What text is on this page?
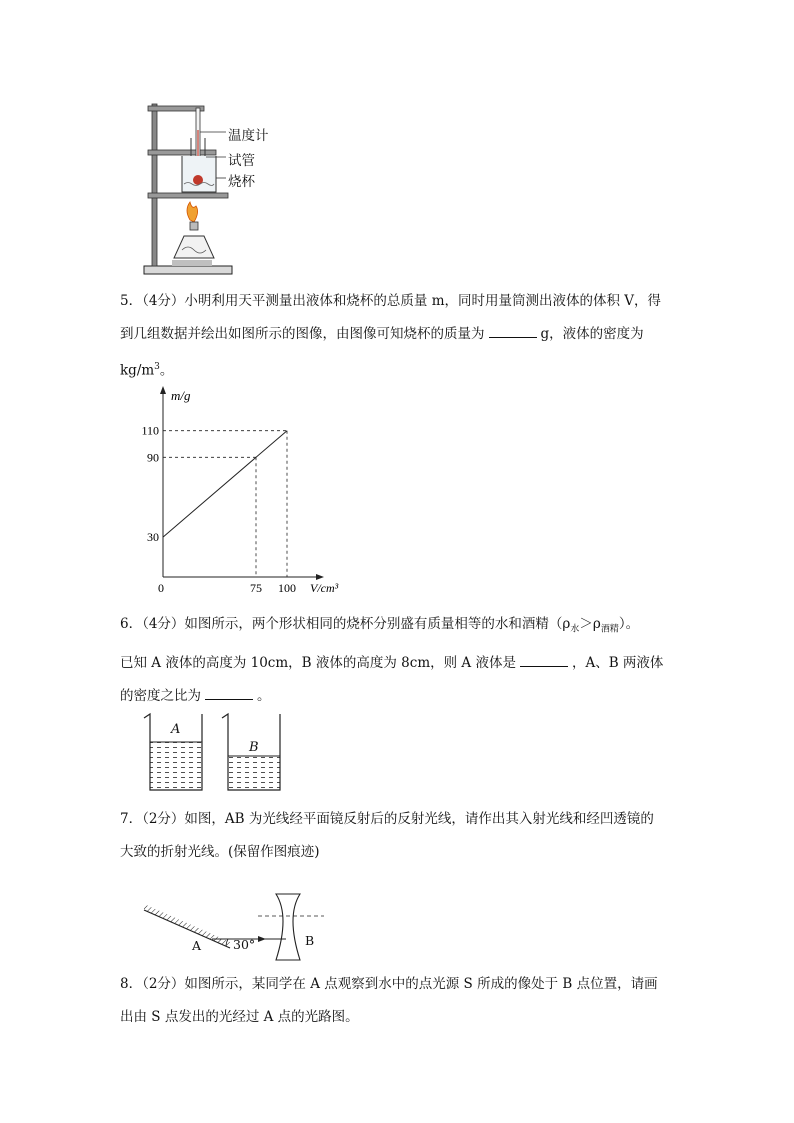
温度计
试管
烧杯
5．（4分）小明利用天平测量出液体和烧杯的总质量 m，同时用量筒测出液体的体积 V，得
到几组数据并绘出如图所示的图像，由图像可知烧杯的质量为	g，液体的密度为
$kg/m^3$。
m/g
V/cm³
30
90
110
0	75 100
6．（4分）如图所示，两个形状相同的烧杯分别盛有质量相等的水和酒精$(\rho_水>\rho_{酒精})$。
已知 A 液体的高度为 10cm，B 液体的高度为 8cm，则 A 液体是	，A、B 两液体
的密度之比为	。
A
B
7．（2分）如图，AB 为光线经平面镜反射后的反射光线，请作出其入射光线和经凹透镜的
大致的折射光线。(保留作图痕迹)
A	30°	B
8．（2分）如图所示，某同学在 A 点观察到水中的点光源 S 所成的像处于 B 点位置，请画
出由 S 点发出的光经过 A 点的光路图。
